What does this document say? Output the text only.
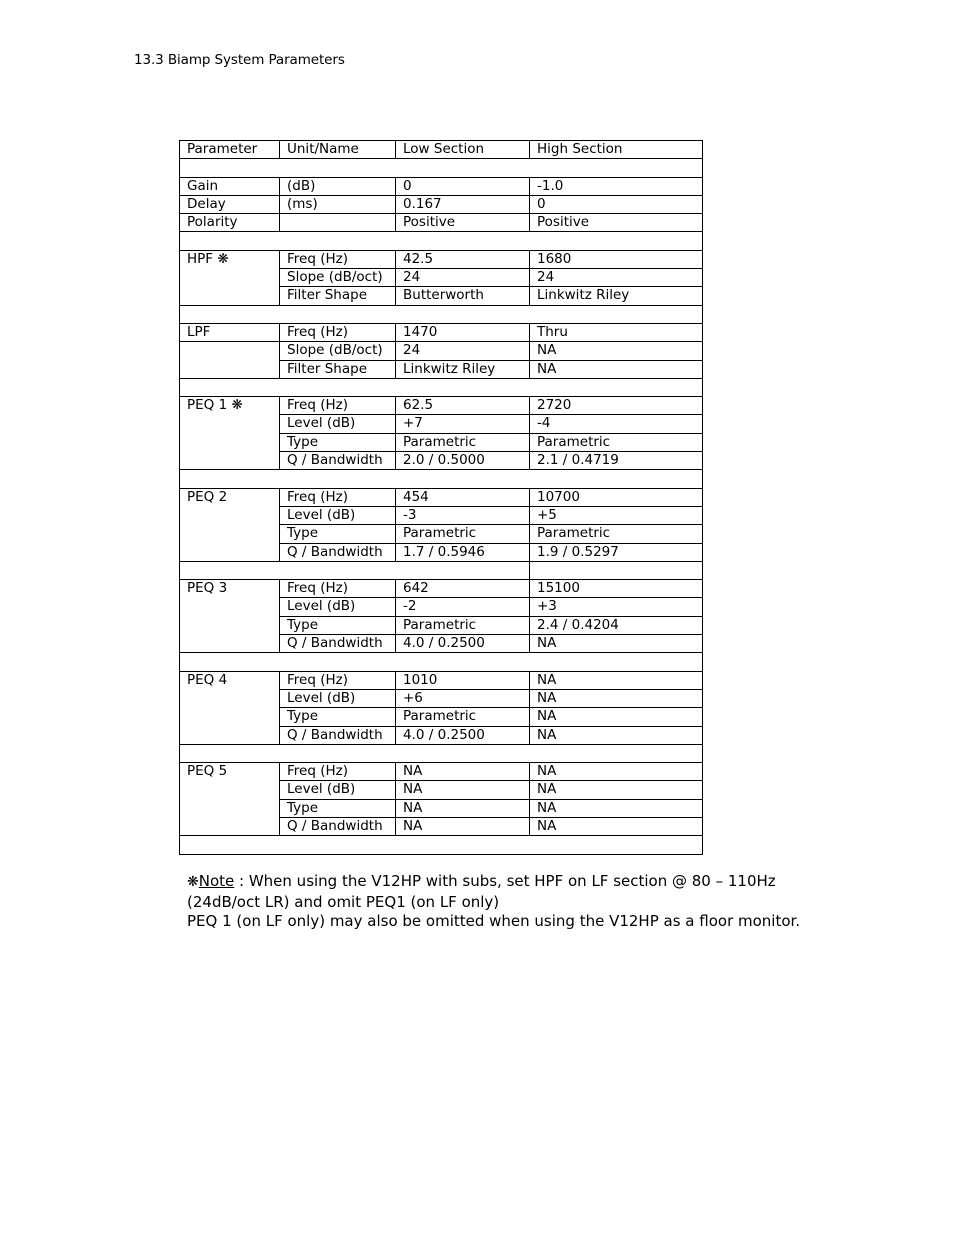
13.3 Biamp System Parameters
Parameter	Unit/Name	Low Section	High Section

Gain	(dB)	0	-1.0
Delay	(ms)	0.167	0
Polarity		Positive	Positive

HPF ❋	Freq (Hz)	42.5	1680
	Slope (dB/oct)	24	24
	Filter Shape	Butterworth	Linkwitz Riley

LPF	Freq (Hz)	1470	Thru
	Slope (dB/oct)	24	NA
	Filter Shape	Linkwitz Riley	NA

PEQ 1 ❋	Freq (Hz)	62.5	2720
	Level (dB)	+7	-4
	Type	Parametric	Parametric
	Q / Bandwidth	2.0 / 0.5000	2.1 / 0.4719

PEQ 2	Freq (Hz)	454	10700
	Level (dB)	-3	+5
	Type	Parametric	Parametric
	Q / Bandwidth	1.7 / 0.5946	1.9 / 0.5297

PEQ 3	Freq (Hz)	642	15100
	Level (dB)	-2	+3
	Type	Parametric	2.4 / 0.4204
	Q / Bandwidth	4.0 / 0.2500	NA

PEQ 4	Freq (Hz)	1010	NA
	Level (dB)	+6	NA
	Type	Parametric	NA
	Q / Bandwidth	4.0 / 0.2500	NA

PEQ 5	Freq (Hz)	NA	NA
	Level (dB)	NA	NA
	Type	NA	NA
	Q / Bandwidth	NA	NA

❋Note : When using the V12HP with subs, set HPF on LF section @ 80 – 110Hz (24dB/oct LR) and omit PEQ1 (on LF only)
PEQ 1 (on LF only) may also be omitted when using the V12HP as a floor monitor.
